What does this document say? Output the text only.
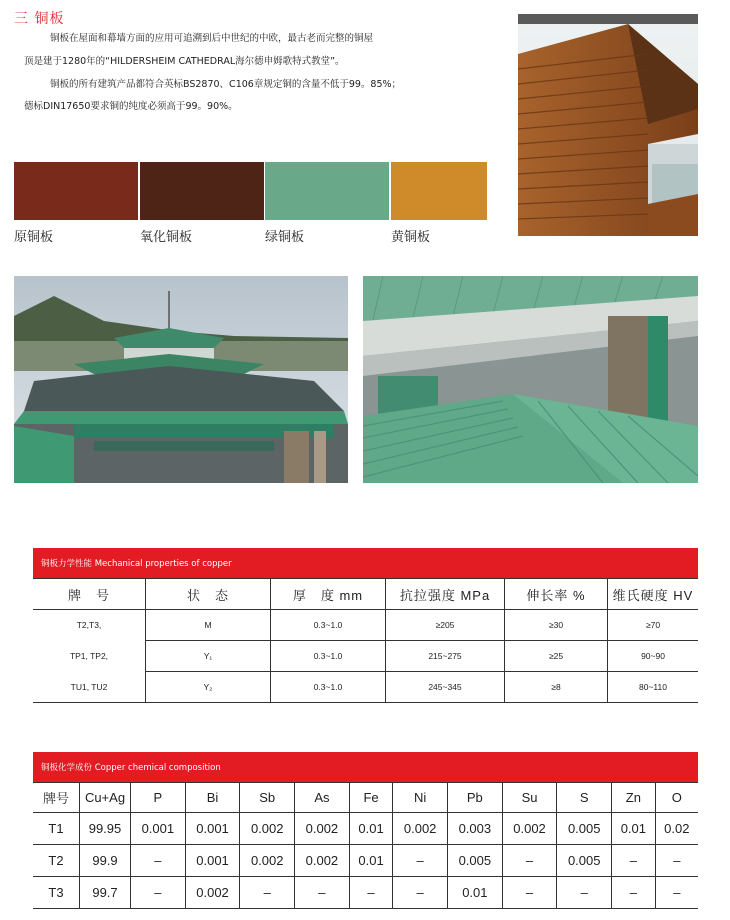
三 铜板
铜板在屋面和幕墙方面的应用可追溯到后中世纪的中欧，最古老而完整的铜屋
顶是建于1280年的“HILDERSHEIM CATHEDRAL海尔德申姆歌特式教堂”。
铜板的所有建筑产品都符合英标BS2870、C106章规定铜的含量不低于99。85%；
德标DIN17650要求铜的纯度必须高于99。90%。
原铜板	氧化铜板	绿铜板	黄铜板
铜板力学性能 Mechanical properties of copper
牌　号	状　态	厚　度 mm	抗拉强度 MPa	伸长率 %	维氏硬度 HV
T2,T3,	M	0.3~1.0	≥205	≥30	≥70
TP1, TP2,	Y₁	0.3~1.0	215~275	≥25	90~90
TU1, TU2	Y₂	0.3~1.0	245~345	≥8	80~110
铜板化学成份 Copper chemical composition
牌号	Cu+Ag	P	Bi	Sb	As	Fe	Ni	Pb	Su	S	Zn	O
T1	99.95	0.001	0.001	0.002	0.002	0.01	0.002	0.003	0.002	0.005	0.01	0.02
T2	99.9	–	0.001	0.002	0.002	0.01	–	0.005	–	0.005	–	–
T3	99.7	–	0.002	–	–	–	–	0.01	–	–	–	–
